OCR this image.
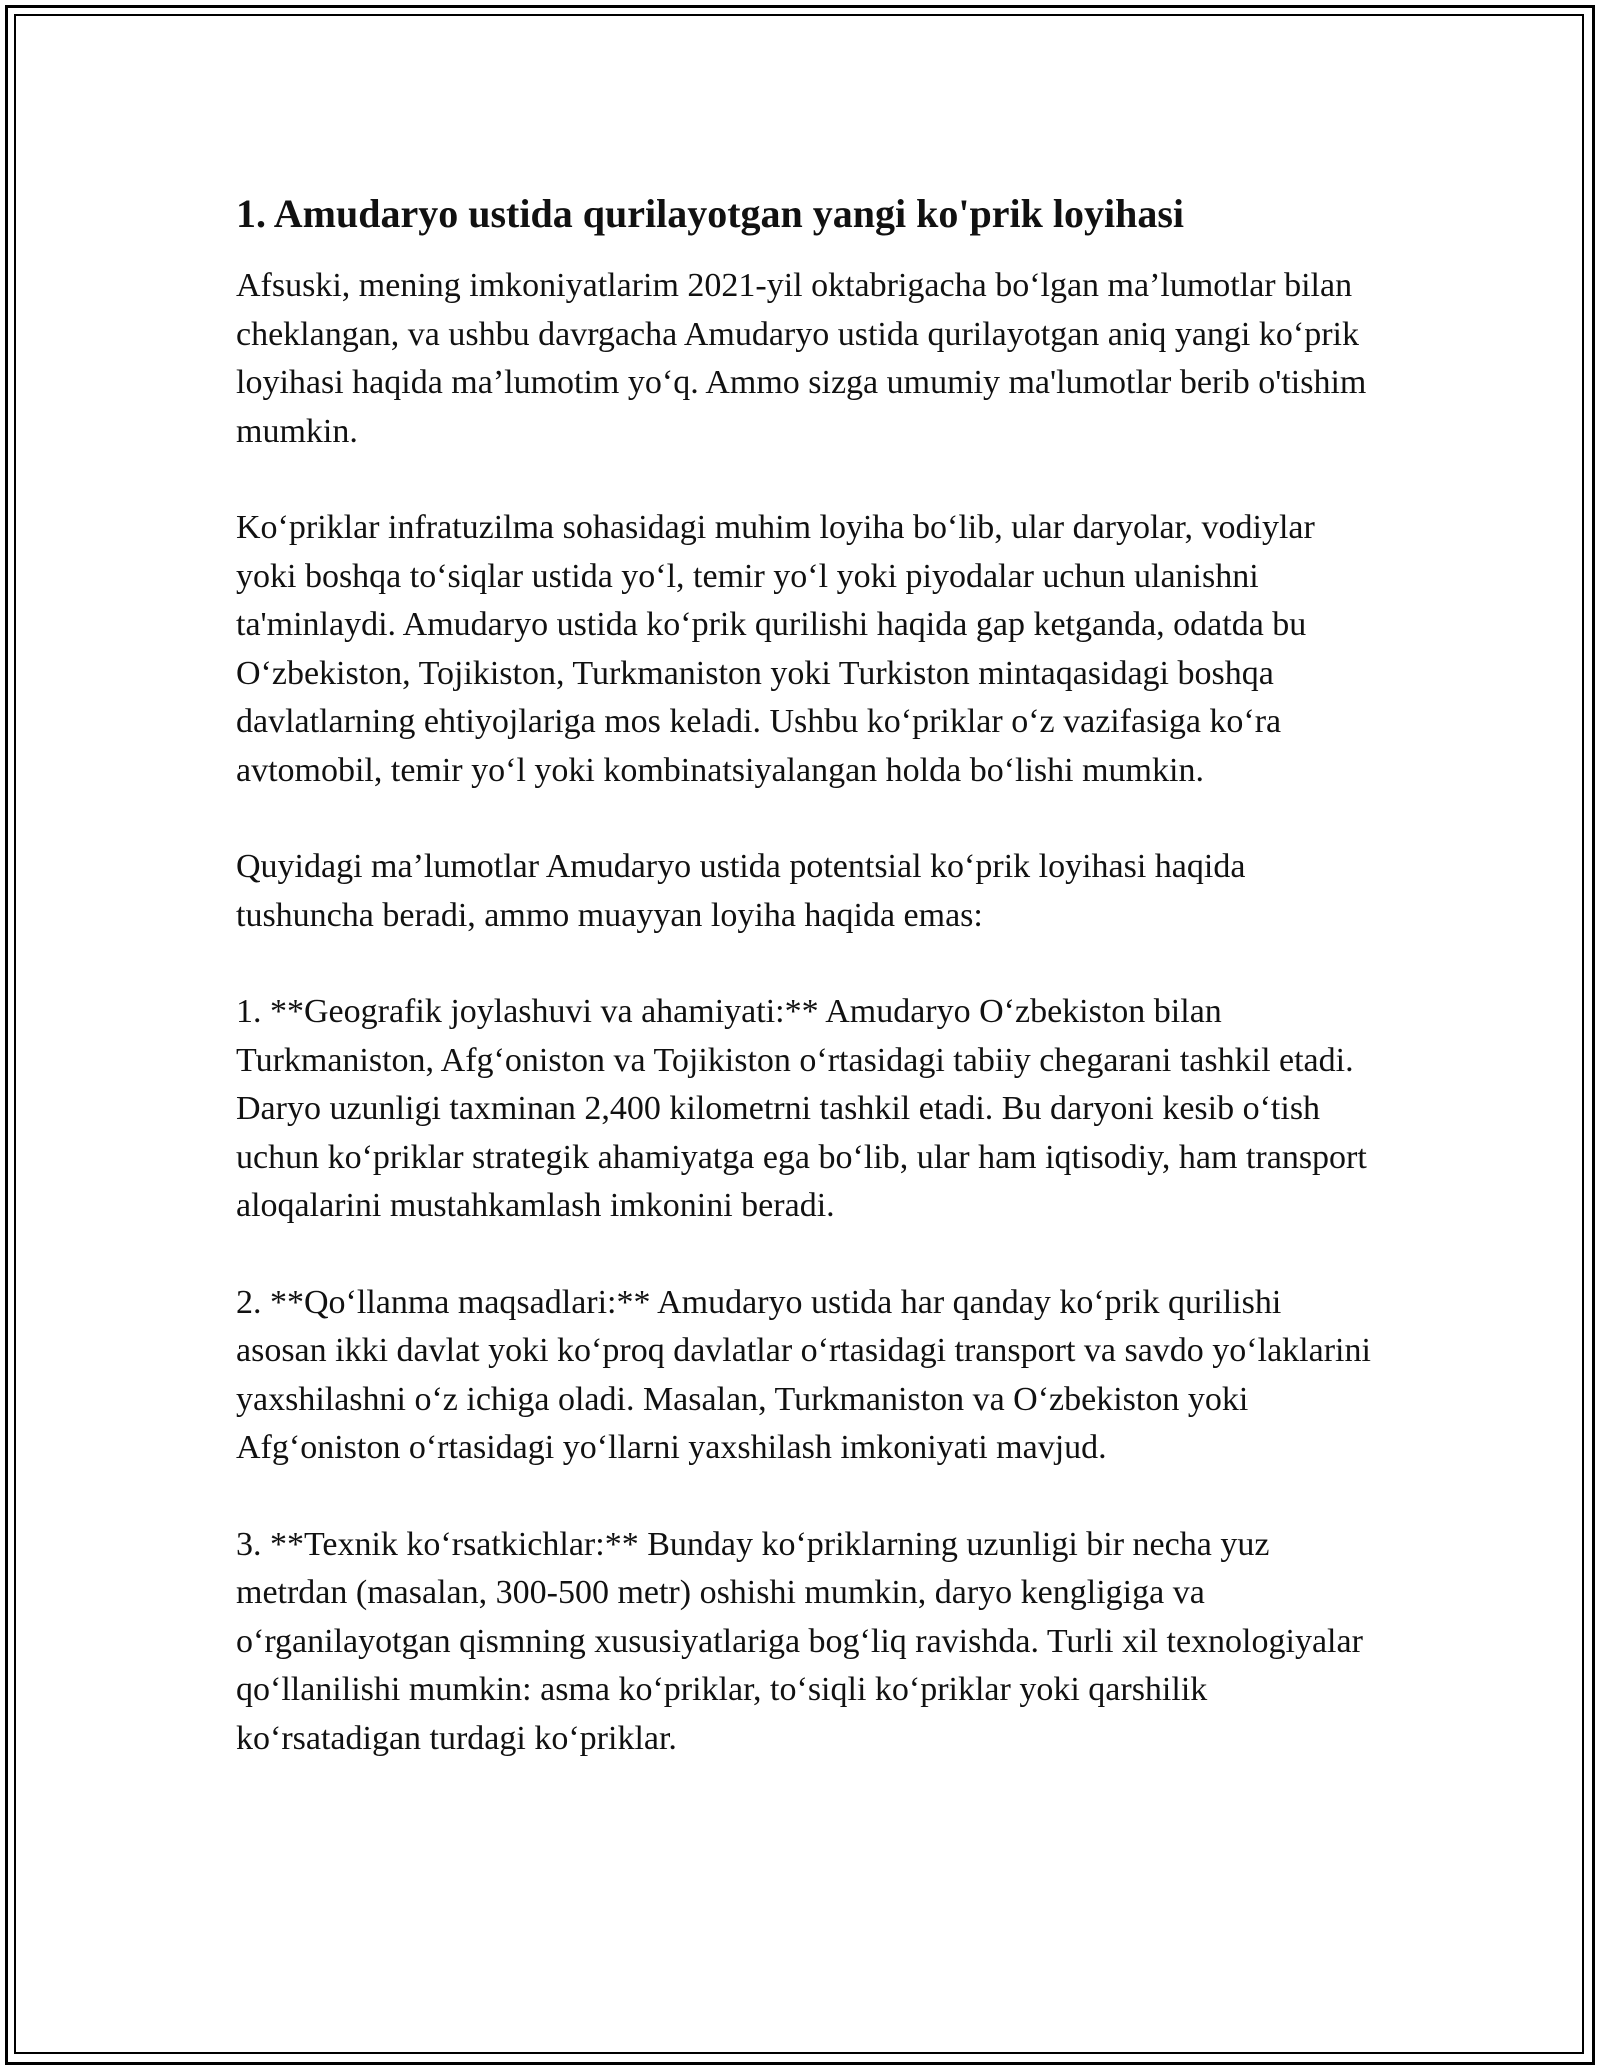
1. Amudaryo ustida qurilayotgan yangi ko'prik loyihasi

Afsuski, mening imkoniyatlarim 2021-yil oktabrigacha bo‘lgan ma’lumotlar bilan cheklangan, va ushbu davrgacha Amudaryo ustida qurilayotgan aniq yangi ko‘prik loyihasi haqida ma’lumotim yo‘q. Ammo sizga umumiy ma'lumotlar berib o'tishim mumkin.

Ko‘priklar infratuzilma sohasidagi muhim loyiha bo‘lib, ular daryolar, vodiylar yoki boshqa to‘siqlar ustida yo‘l, temir yo‘l yoki piyodalar uchun ulanishni ta'minlaydi. Amudaryo ustida ko‘prik qurilishi haqida gap ketganda, odatda bu O‘zbekiston, Tojikiston, Turkmaniston yoki Turkiston mintaqasidagi boshqa davlatlarning ehtiyojlariga mos keladi. Ushbu ko‘priklar o‘z vazifasiga ko‘ra avtomobil, temir yo‘l yoki kombinatsiyalangan holda bo‘lishi mumkin.

Quyidagi ma’lumotlar Amudaryo ustida potentsial ko‘prik loyihasi haqida tushuncha beradi, ammo muayyan loyiha haqida emas:

1. **Geografik joylashuvi va ahamiyati:** Amudaryo O‘zbekiston bilan Turkmaniston, Afg‘oniston va Tojikiston o‘rtasidagi tabiiy chegarani tashkil etadi. Daryo uzunligi taxminan 2,400 kilometrni tashkil etadi. Bu daryoni kesib o‘tish uchun ko‘priklar strategik ahamiyatga ega bo‘lib, ular ham iqtisodiy, ham transport aloqalarini mustahkamlash imkonini beradi.

2. **Qo‘llanma maqsadlari:** Amudaryo ustida har qanday ko‘prik qurilishi asosan ikki davlat yoki ko‘proq davlatlar o‘rtasidagi transport va savdo yo‘laklarini yaxshilashni o‘z ichiga oladi. Masalan, Turkmaniston va O‘zbekiston yoki Afg‘oniston o‘rtasidagi yo‘llarni yaxshilash imkoniyati mavjud.

3. **Texnik ko‘rsatkichlar:** Bunday ko‘priklarning uzunligi bir necha yuz metrdan (masalan, 300-500 metr) oshishi mumkin, daryo kengligiga va o‘rganilayotgan qismning xususiyatlariga bog‘liq ravishda. Turli xil texnologiyalar qo‘llanilishi mumkin: asma ko‘priklar, to‘siqli ko‘priklar yoki qarshilik ko‘rsatadigan turdagi ko‘priklar.
